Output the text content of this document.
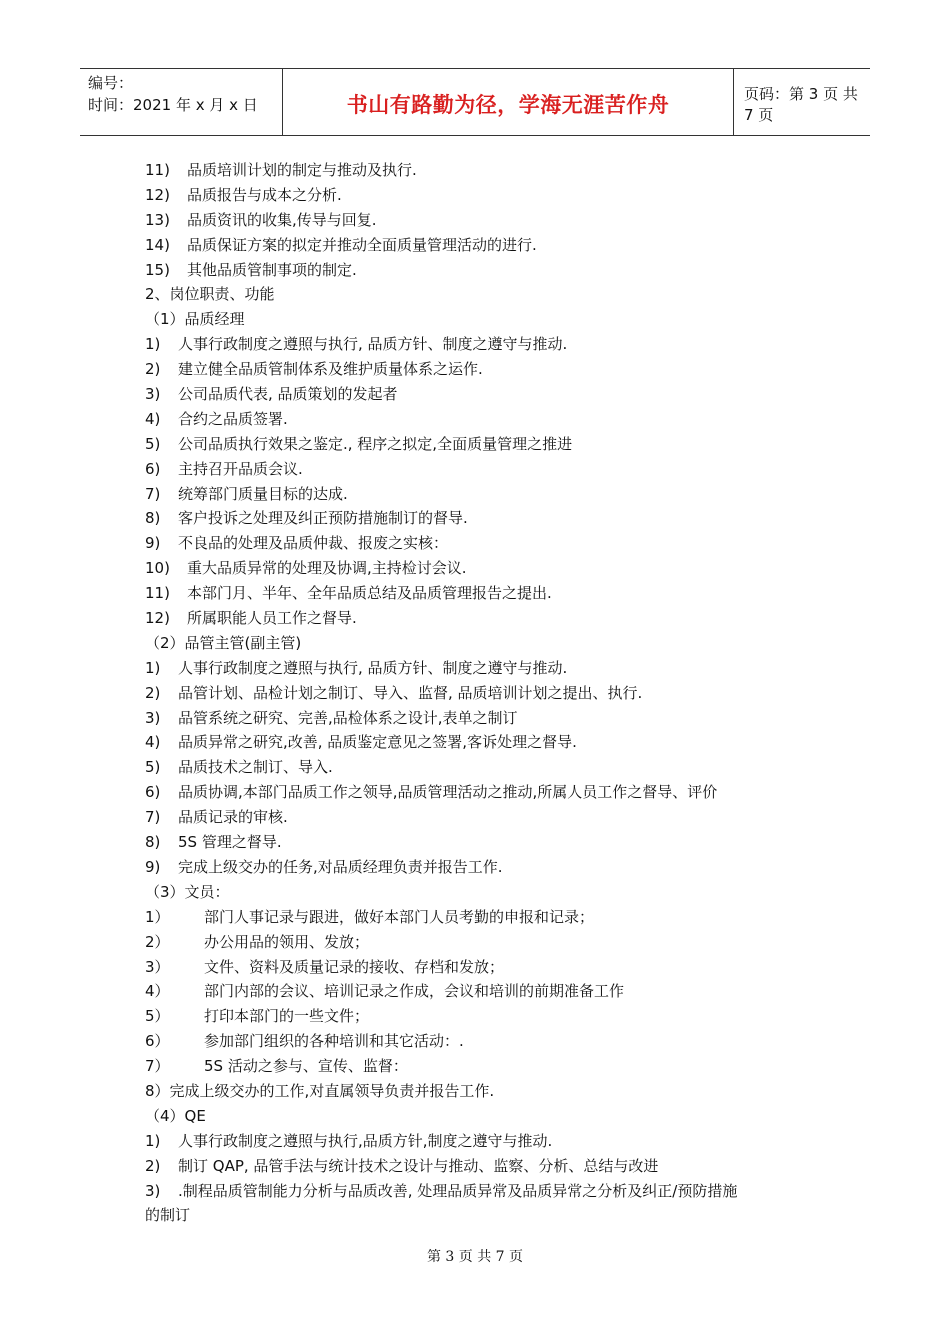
编号：
时间：2021 年 x 月 x 日	书山有路勤为径，学海无涯苦作舟	页码：第 3 页 共 7 页
11)	品质培训计划的制定与推动及执行.
12)	品质报告与成本之分析.
13)	品质资讯的收集,传导与回复.
14)	品质保证方案的拟定并推动全面质量管理活动的进行.
15)	其他品质管制事项的制定.
2、岗位职责、功能
（1）品质经理
1)	人事行政制度之遵照与执行, 品质方针、制度之遵守与推动.
2)	建立健全品质管制体系及维护质量体系之运作.
3)	公司品质代表, 品质策划的发起者
4)	合约之品质签署.
5)	公司品质执行效果之鉴定., 程序之拟定,全面质量管理之推进
6)	主持召开品质会议.
7)	统筹部门质量目标的达成.
8)	客户投诉之处理及纠正预防措施制订的督导.
9)	不良品的处理及品质仲裁、报废之实核：
10)	重大品质异常的处理及协调,主持检讨会议.
11)	本部门月、半年、全年品质总结及品质管理报告之提出.
12)	所属职能人员工作之督导.
（2）品管主管(副主管)
1)	人事行政制度之遵照与执行, 品质方针、制度之遵守与推动.
2)	品管计划、品检计划之制订、导入、监督, 品质培训计划之提出、执行.
3)	品管系统之研究、完善,品检体系之设计,表单之制订
4)	品质异常之研究,改善, 品质鉴定意见之签署,客诉处理之督导.
5)	品质技术之制订、导入.
6)	品质协调,本部门品质工作之领导,品质管理活动之推动,所属人员工作之督导、评价
7)	品质记录的审核.
8)	5S 管理之督导.
9)	完成上级交办的任务,对品质经理负责并报告工作.
（3）文员：
1）	部门人事记录与跟进，做好本部门人员考勤的申报和记录；
2）	办公用品的领用、发放；
3）	文件、资料及质量记录的接收、存档和发放；
4）	部门内部的会议、培训记录之作成，会议和培训的前期准备工作
5）	打印本部门的一些文件；
6）	参加部门组织的各种培训和其它活动：.
7）	5S 活动之参与、宣传、监督：
8）完成上级交办的工作,对直属领导负责并报告工作.
（4）QE
1)	人事行政制度之遵照与执行,品质方针,制度之遵守与推动.
2)	制订 QAP, 品管手法与统计技术之设计与推动、监察、分析、总结与改进
3)	.制程品质管制能力分析与品质改善, 处理品质异常及品质异常之分析及纠正/预防措施
的制订
第 3 页 共 7 页
